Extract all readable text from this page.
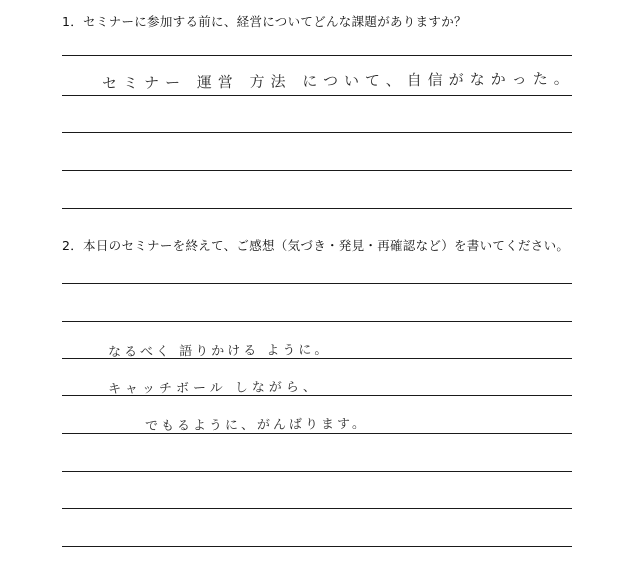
1．セミナーに参加する前に、経営についてどんな課題がありますか？
セミナー 運営 方法 について、自信がなかった。
2．本日のセミナーを終えて、ご感想（気づき・発見・再確認など）を書いてください。
なるべく 語りかける ように。
キャッチボール しながら、
でもるように、がんばります。
